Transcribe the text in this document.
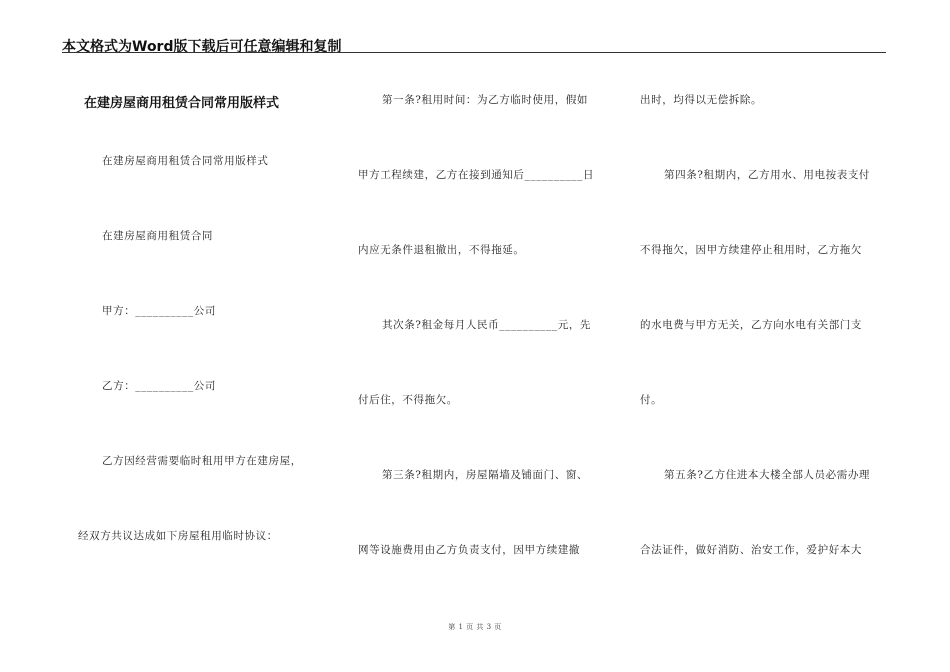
本文格式为Word版下载后可任意编辑和复制
在建房屋商用租赁合同常用版样式
在建房屋商用租赁合同常用版样式
在建房屋商用租赁合同
甲方：__________公司
乙方：__________公司
乙方因经营需要临时租用甲方在建房屋，
经双方共议达成如下房屋租用临时协议：
第一条?租用时间：为乙方临时使用，假如
甲方工程续建，乙方在接到通知后__________日
内应无条件退租撤出，不得拖延。
其次条?租金每月人民币__________元，先
付后住，不得拖欠。
第三条?租期内，房屋隔墙及铺面门、窗、
网等设施费用由乙方负责支付，因甲方续建撤
出时，均得以无偿拆除。
第四条?租期内，乙方用水、用电按表支付
不得拖欠，因甲方续建停止租用时，乙方拖欠
的水电费与甲方无关，乙方向水电有关部门支
付。
第五条?乙方住进本大楼全部人员必需办理
合法证件，做好消防、治安工作，爱护好本大
第 1 页 共 3 页
